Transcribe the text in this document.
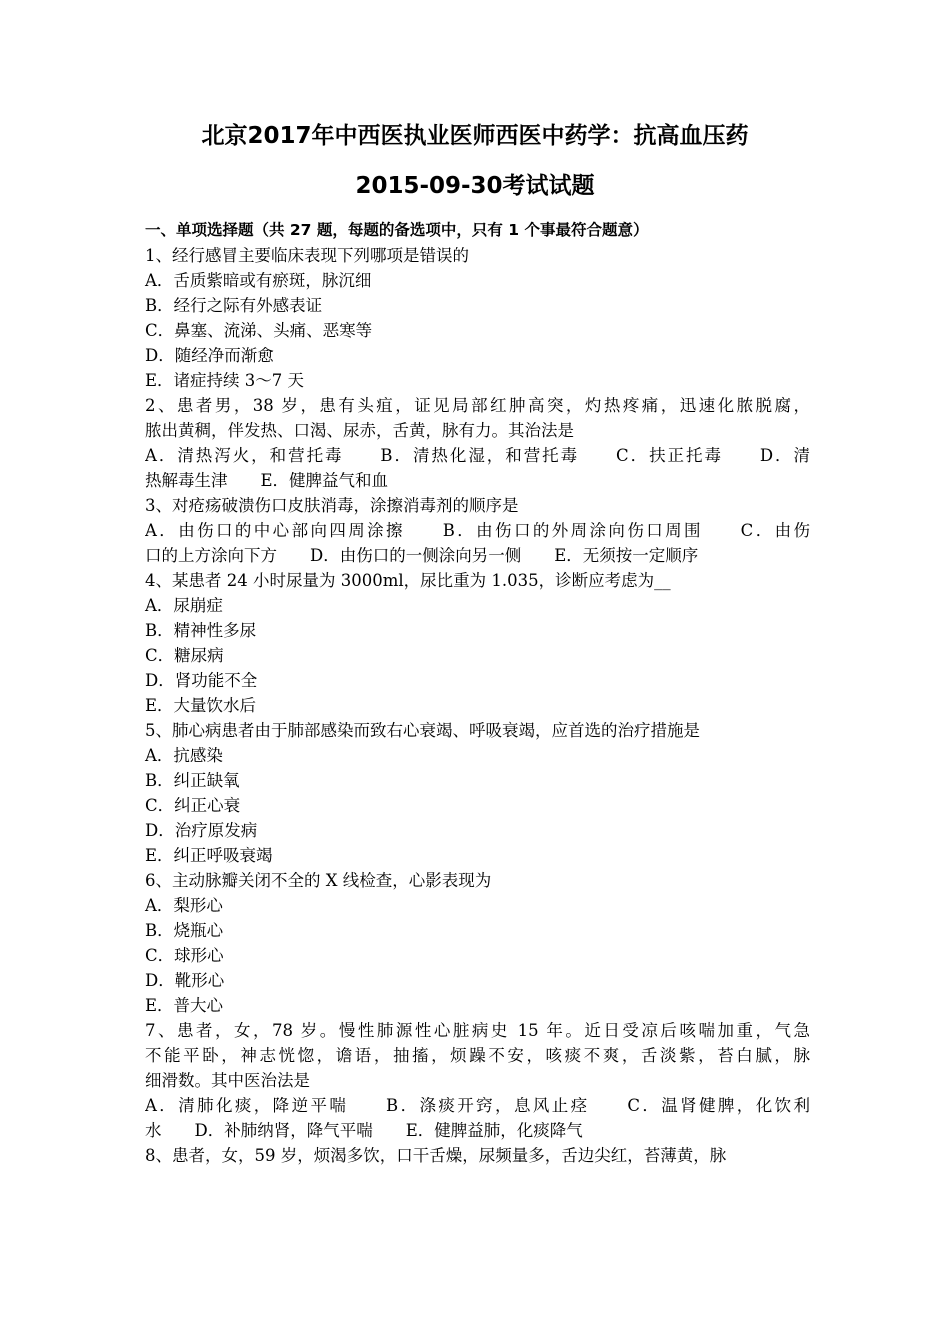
北京2017年中西医执业医师西医中药学：抗高血压药
2015-09-30考试试题
一、单项选择题（共 27 题，每题的备选项中，只有 1 个事最符合题意）
1、经行感冒主要临床表现下列哪项是错误的
A．舌质紫暗或有瘀斑，脉沉细
B．经行之际有外感表证
C．鼻塞、流涕、头痛、恶寒等
D．随经净而渐愈
E．诸症持续 3～7 天
2、患者男，38 岁，患有头疽，证见局部红肿高突，灼热疼痛，迅速化脓脱腐，
脓出黄稠，伴发热、口渴、尿赤，舌黄，脉有力。其治法是
A．清热泻火，和营托毒　　B．清热化湿，和营托毒　　C．扶正托毒　　D．清
热解毒生津　　E．健脾益气和血
3、对疮疡破溃伤口皮肤消毒，涂擦消毒剂的顺序是
A．由伤口的中心部向四周涂擦　　B．由伤口的外周涂向伤口周围　　C．由伤
口的上方涂向下方　　D．由伤口的一侧涂向另一侧　　E．无须按一定顺序
4、某患者 24 小时尿量为 3000ml，尿比重为 1.035，诊断应考虑为__
A．尿崩症
B．精神性多尿
C．糖尿病
D．肾功能不全
E．大量饮水后
5、肺心病患者由于肺部感染而致右心衰竭、呼吸衰竭，应首选的治疗措施是
A．抗感染
B．纠正缺氧
C．纠正心衰
D．治疗原发病
E．纠正呼吸衰竭
6、主动脉瓣关闭不全的 X 线检查，心影表现为
A．梨形心
B．烧瓶心
C．球形心
D．靴形心
E．普大心
7、患者，女，78 岁。慢性肺源性心脏病史 15 年。近日受凉后咳喘加重，气急
不能平卧，神志恍惚，谵语，抽搐，烦躁不安，咳痰不爽，舌淡紫，苔白腻，脉
细滑数。其中医治法是
A．清肺化痰，降逆平喘　　B．涤痰开窍，息风止痉　　C．温肾健脾，化饮利
水　　D．补肺纳肾，降气平喘　　E．健脾益肺，化痰降气
8、患者，女，59 岁，烦渴多饮，口干舌燥，尿频量多，舌边尖红，苔薄黄，脉
